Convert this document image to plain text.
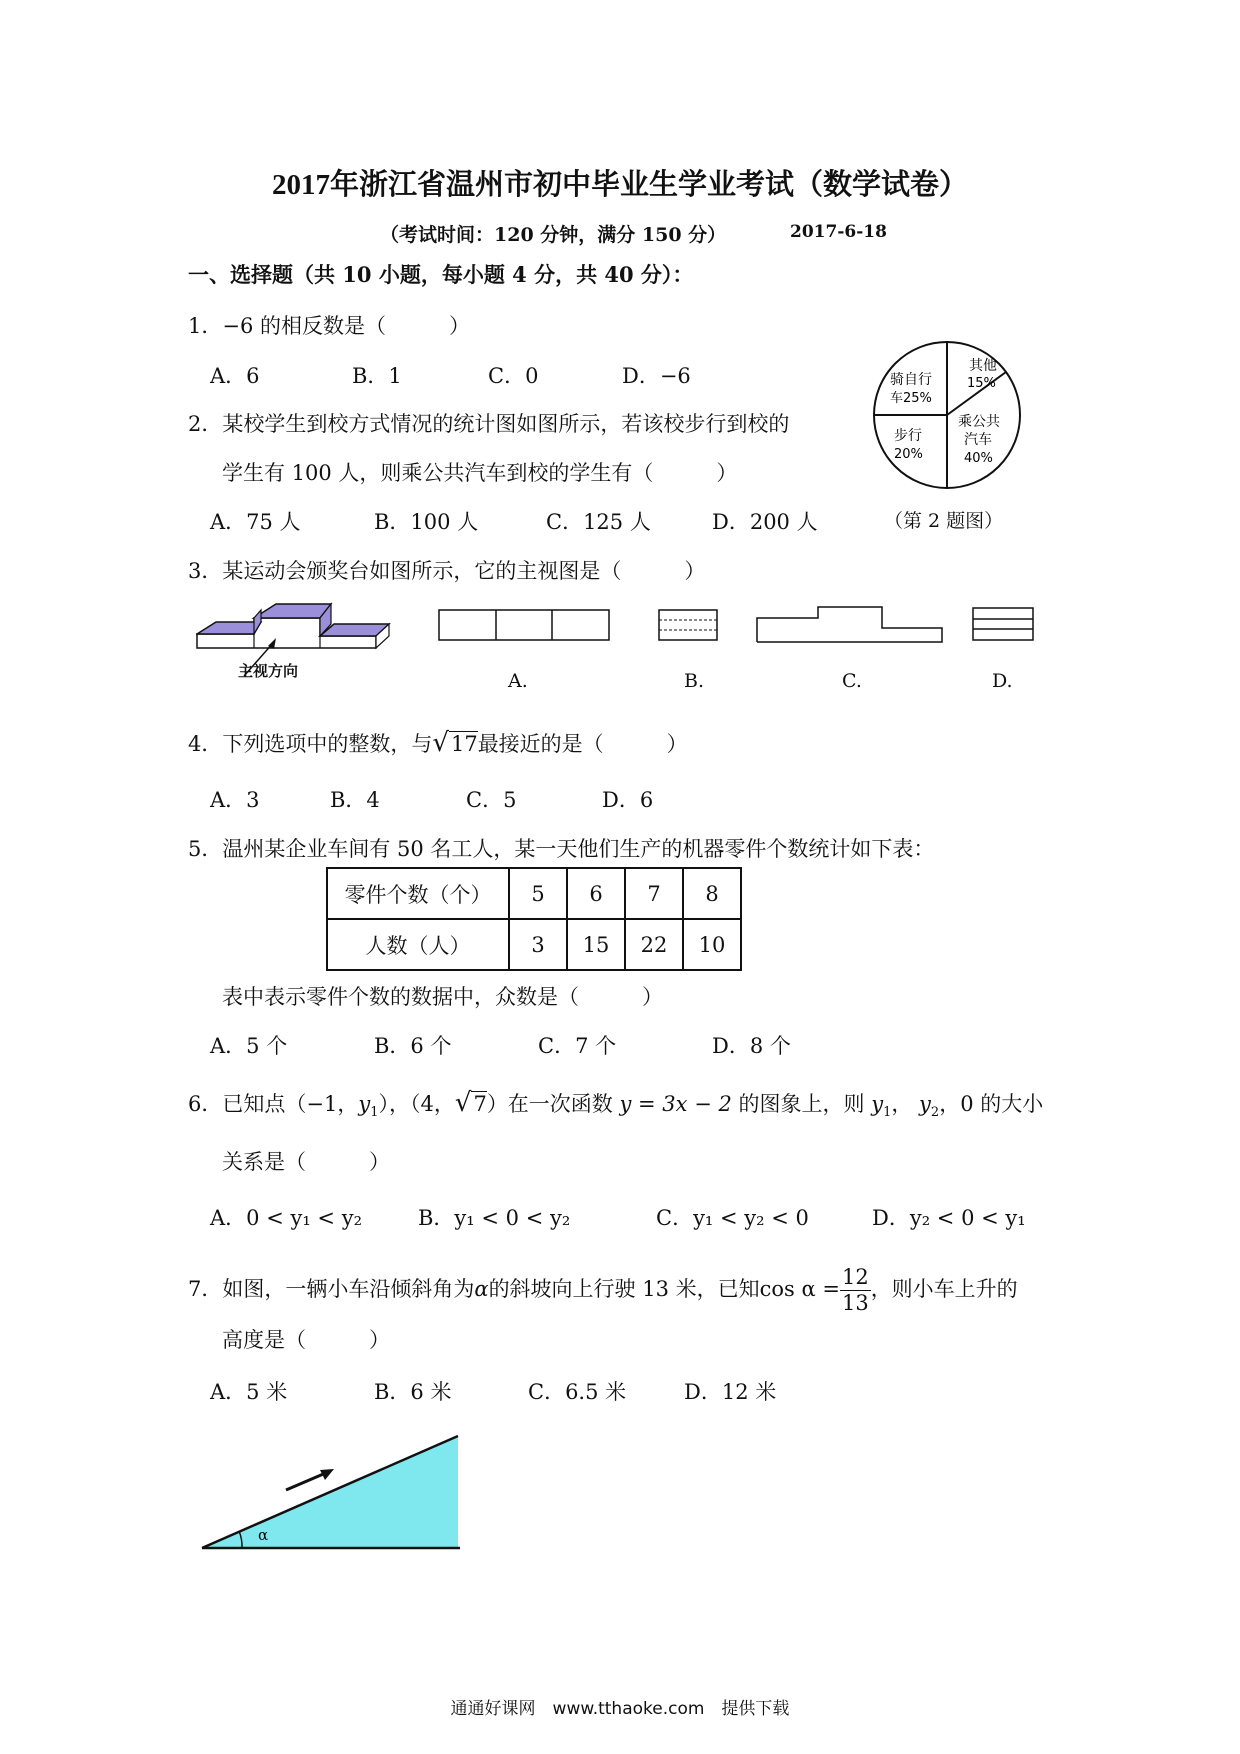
2017年浙江省温州市初中毕业生学业考试（数学试卷）
（考试时间：120 分钟，满分 150 分）	2017-6-18
一、选择题（共 10 小题，每小题 4 分，共 40 分）：
1．−6 的相反数是（　　　）
A．6	B．1	C．0	D．−6
2．某校学生到校方式情况的统计图如图所示，若该校步行到校的
学生有 100 人，则乘公共汽车到校的学生有（　　　）
A．75 人	B．100 人	C．125 人	D．200 人
其他
15%
骑自行
车25%
步行
20%
乘公共
汽车
40%
（第 2 题图）
3．某运动会颁奖台如图所示，它的主视图是（　　　）
主视方向	A.	B.	C.	D.
4．下列选项中的整数，与√17最接近的是（　　　）
A．3	B．4	C．5	D．6
5．温州某企业车间有 50 名工人，某一天他们生产的机器零件个数统计如下表：
零件个数（个）	5	6	7	8
人数（人）	3	15	22	10
表中表示零件个数的数据中，众数是（　　　）
A．5 个	B．6 个	C．7 个	D．8 个
6．已知点（−1，$y_1$），（4，√7）在一次函数 y = 3x − 2 的图象上，则 $y_1$， $y_2$，0 的大小
关系是（　　　）
A．0 < y₁ < y₂	B．y₁ < 0 < y₂	C．y₁ < y₂ < 0	D．y₂ < 0 < y₁
7．如图，一辆小车沿倾斜角为α的斜坡向上行驶 13 米，已知$\cos \alpha = \frac{12}{13}$ ，则小车上升的
高度是（　　　）
A．5 米	B．6 米	C．6.5 米	D．12 米
α
通通好课网　www.tthaoke.com　提供下载
